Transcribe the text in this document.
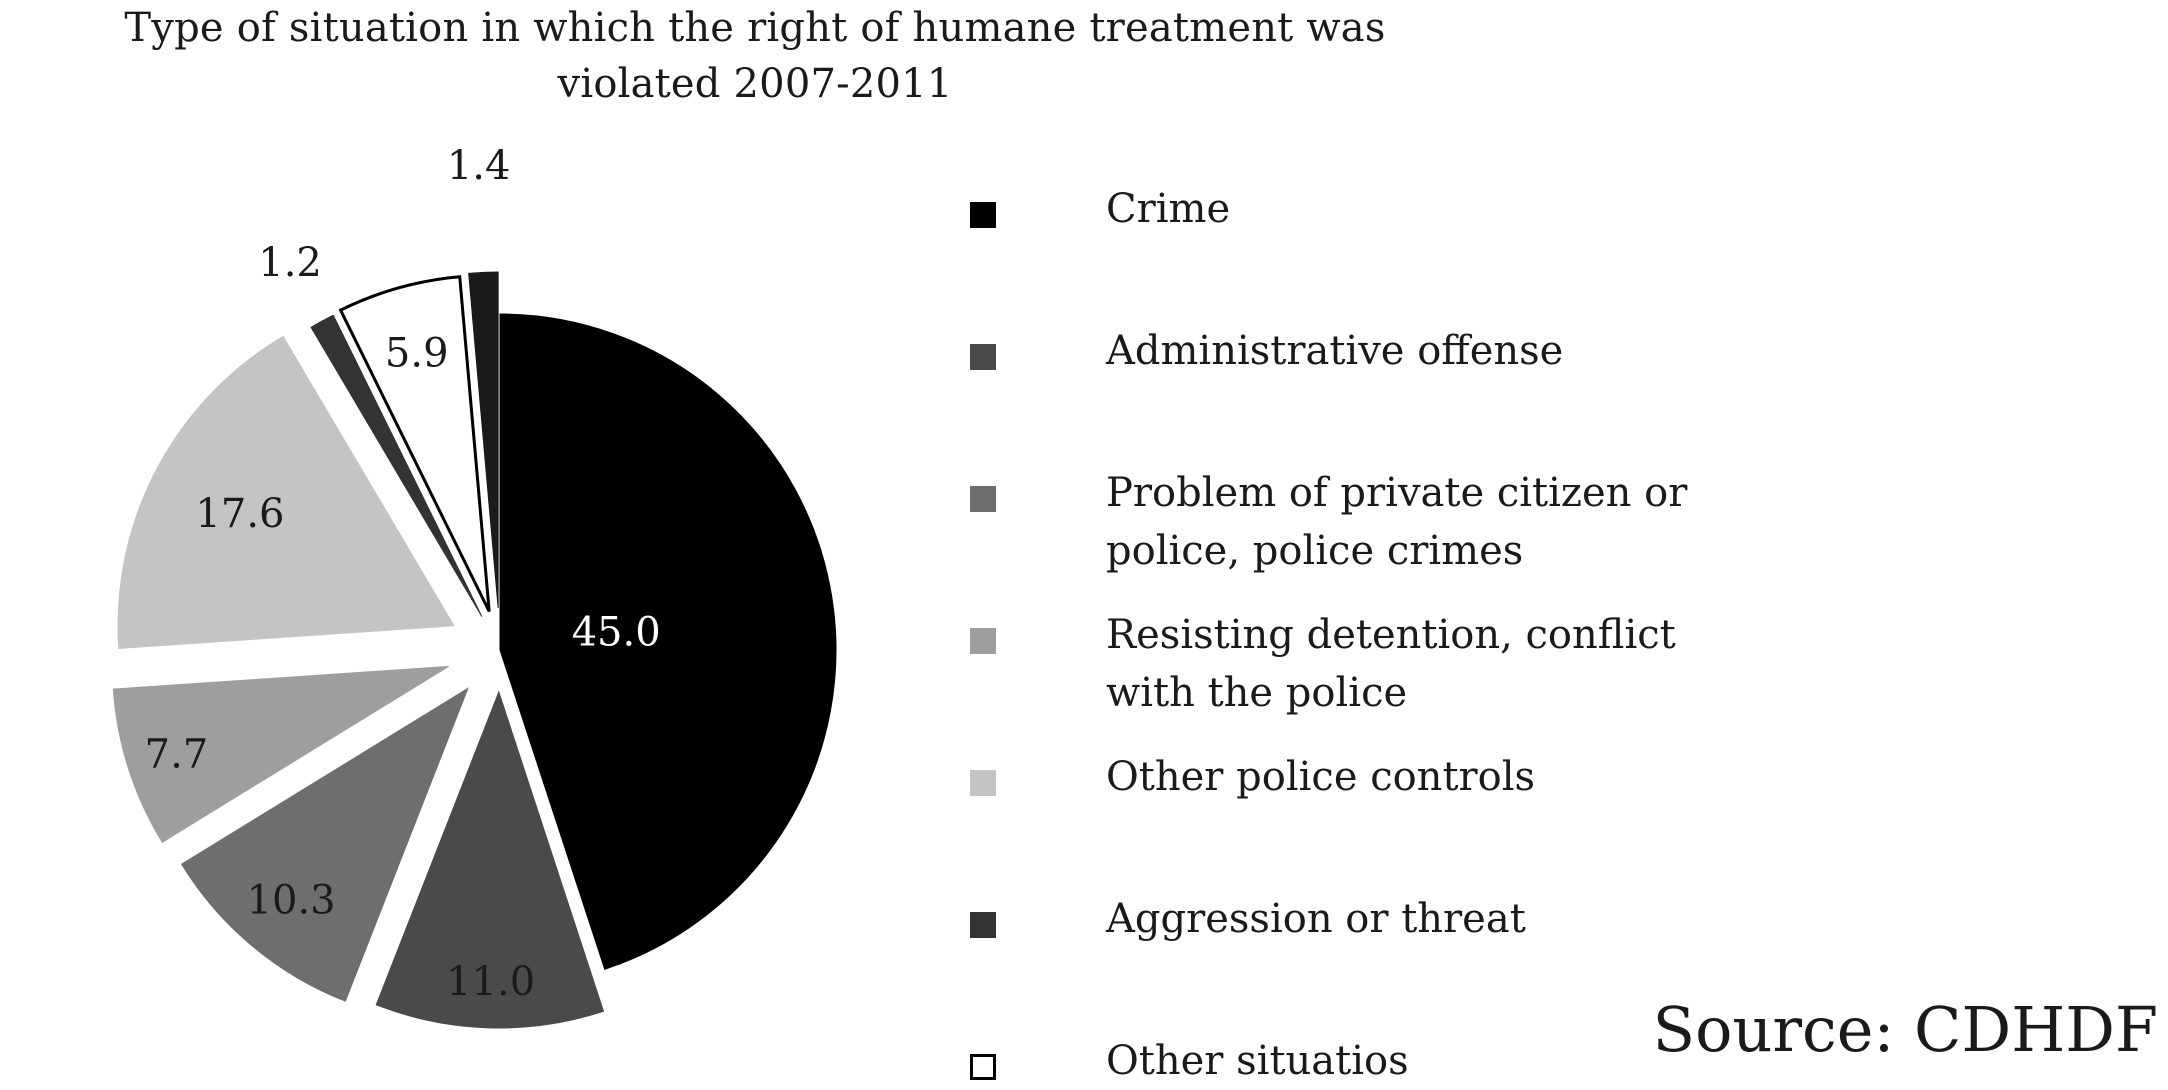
Type of situation in which the right of humane treatment was
violated 2007-2011
45.0
11.0
10.3
7.7
17.6
1.2
5.9
1.4
Crime
Administrative offense
Problem of private citizen or
police, police crimes
Resisting detention, conflict
with the police
Other police controls
Aggression or threat
Other situatios	Source: CDHDF
